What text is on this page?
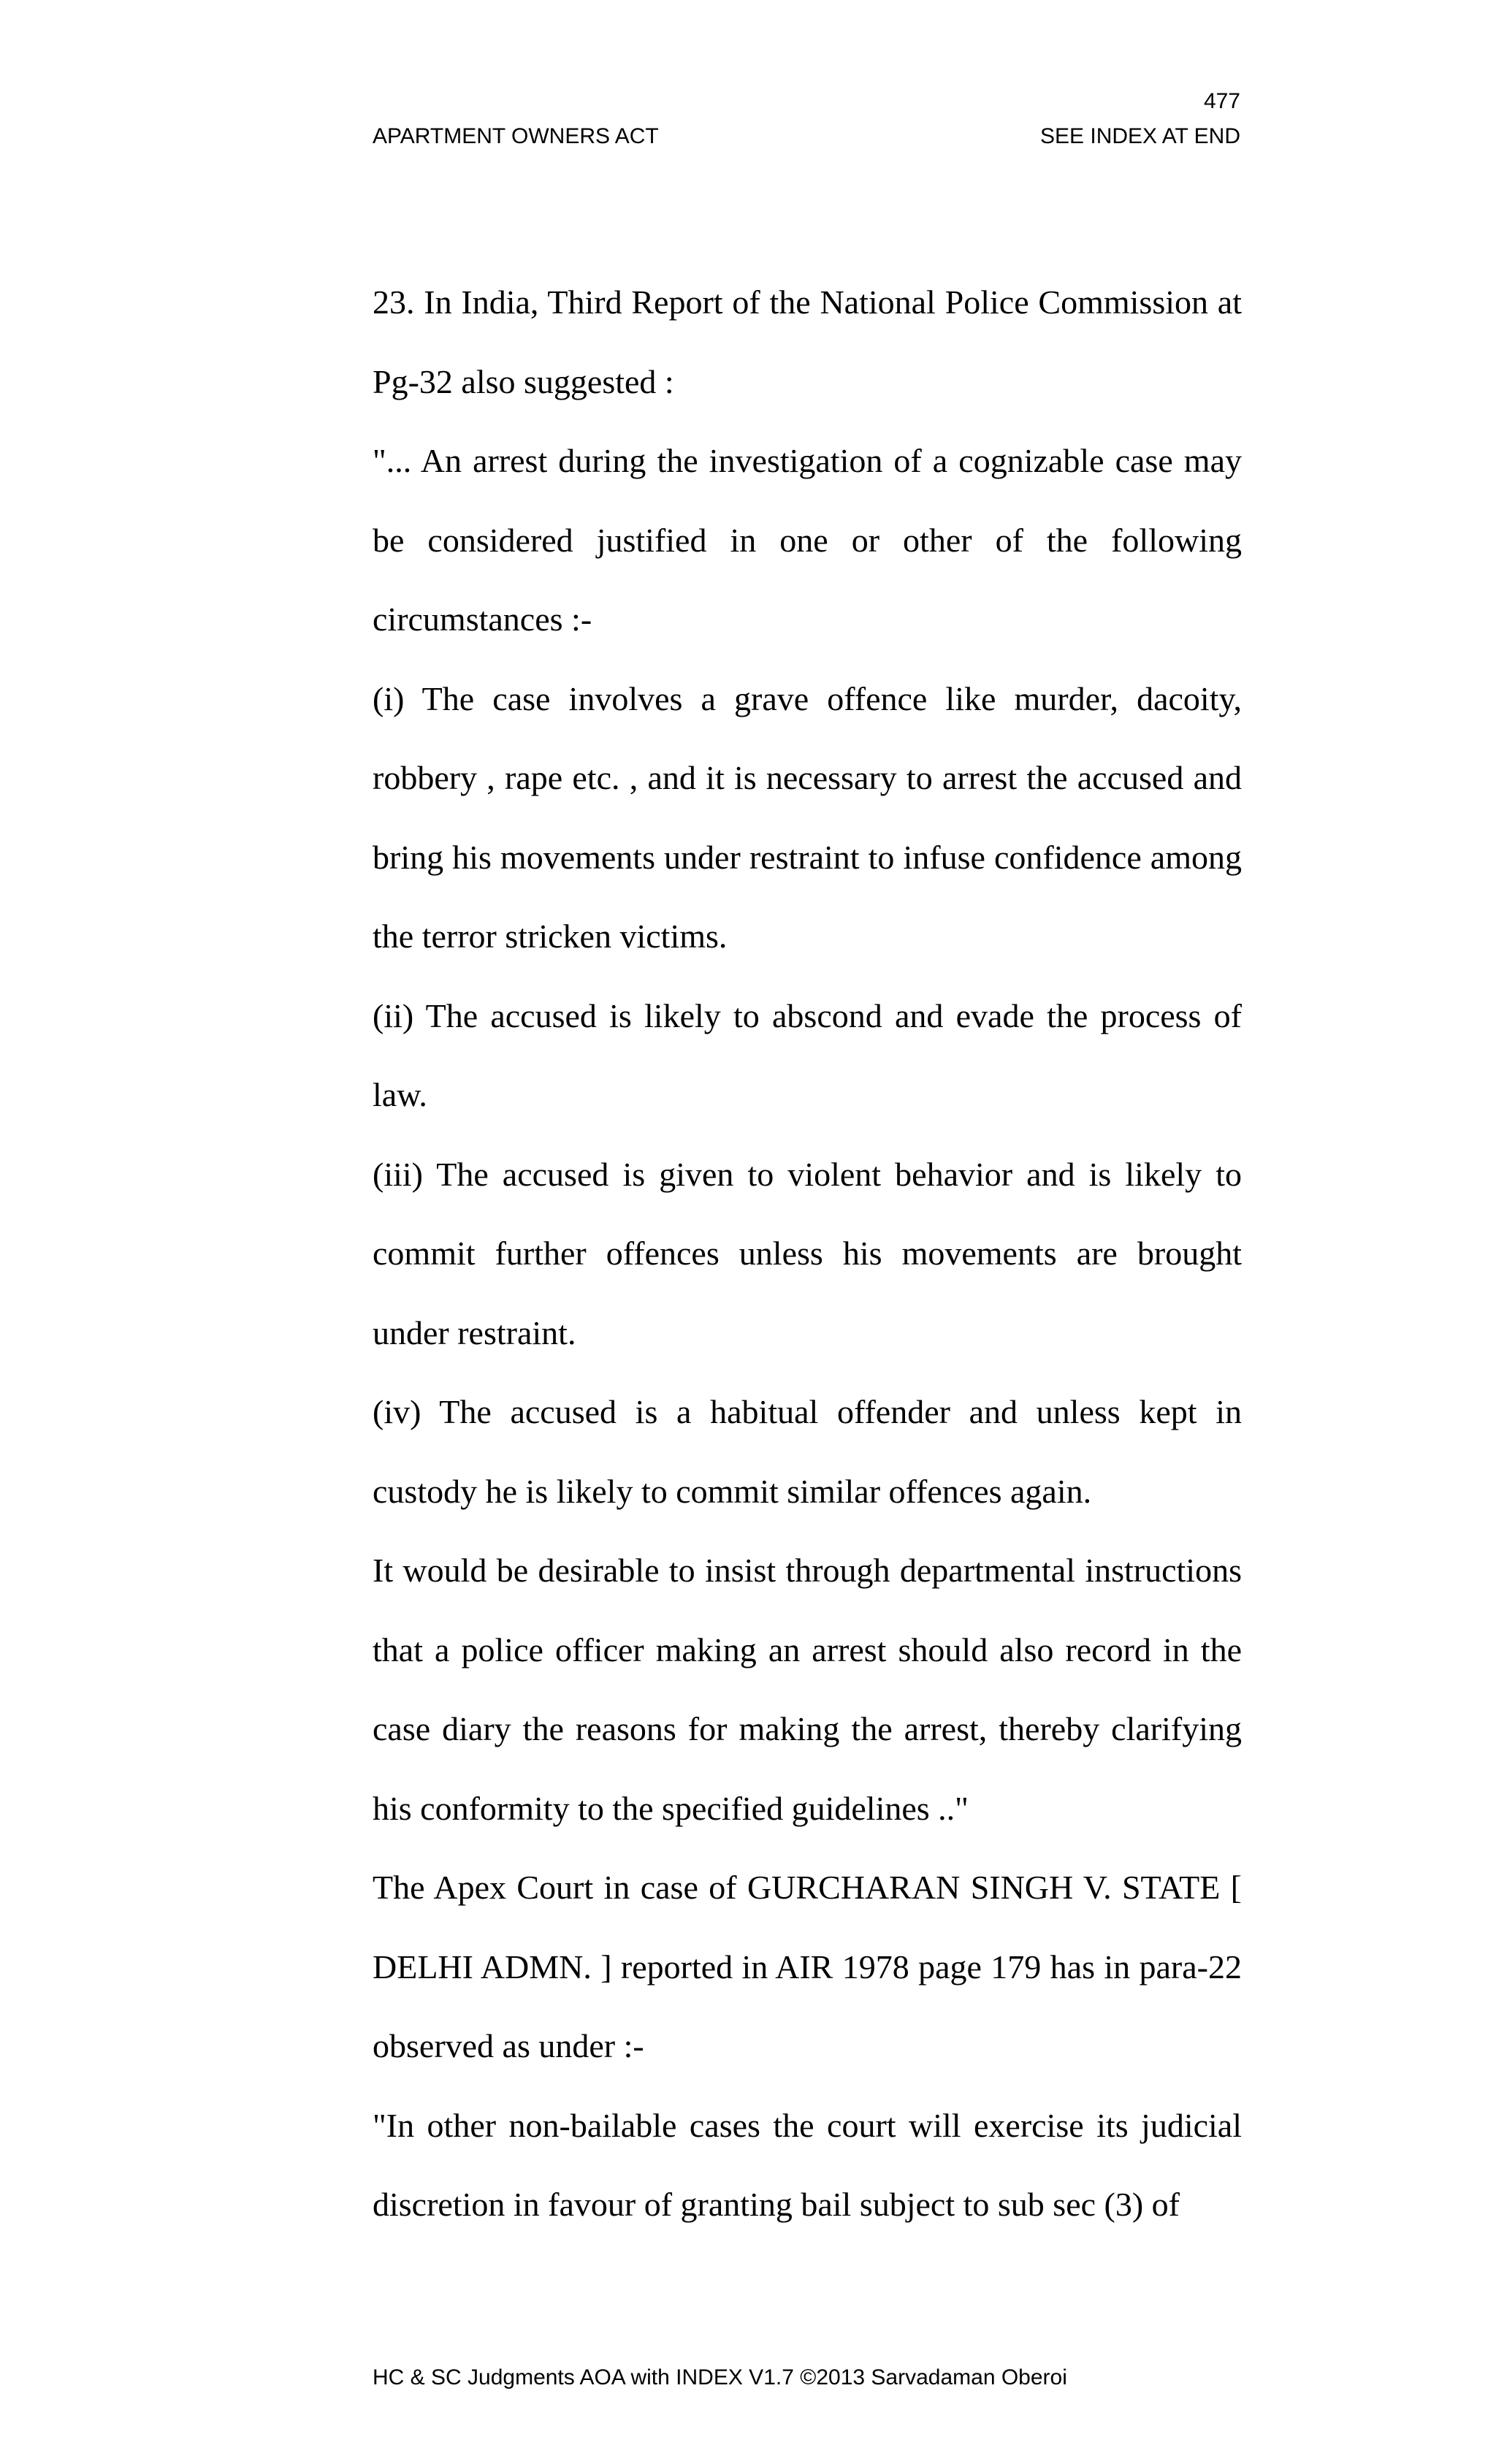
477
APARTMENT OWNERS ACT	SEE INDEX AT END

23. In India, Third Report of the National Police Commission at Pg-32 also suggested :

"... An arrest during the investigation of a cognizable case may be considered justified in one or other of the following circumstances :-

(i) The case involves a grave offence like murder, dacoity, robbery , rape etc. , and it is necessary to arrest the accused and bring his movements under restraint to infuse confidence among the terror stricken victims.

(ii) The accused is likely to abscond and evade the process of law.

(iii) The accused is given to violent behavior and is likely to commit further offences unless his movements are brought under restraint.

(iv) The accused is a habitual offender and unless kept in custody he is likely to commit similar offences again.

It would be desirable to insist through departmental instructions that a police officer making an arrest should also record in the case diary the reasons for making the arrest, thereby clarifying his conformity to the specified guidelines .."

The Apex Court in case of GURCHARAN SINGH V. STATE [ DELHI ADMN. ] reported in AIR 1978 page 179 has in para-22 observed as under :-

"In other non-bailable cases the court will exercise its judicial discretion in favour of granting bail subject to sub sec (3) of

HC & SC Judgments AOA with INDEX V1.7 ©2013 Sarvadaman Oberoi
